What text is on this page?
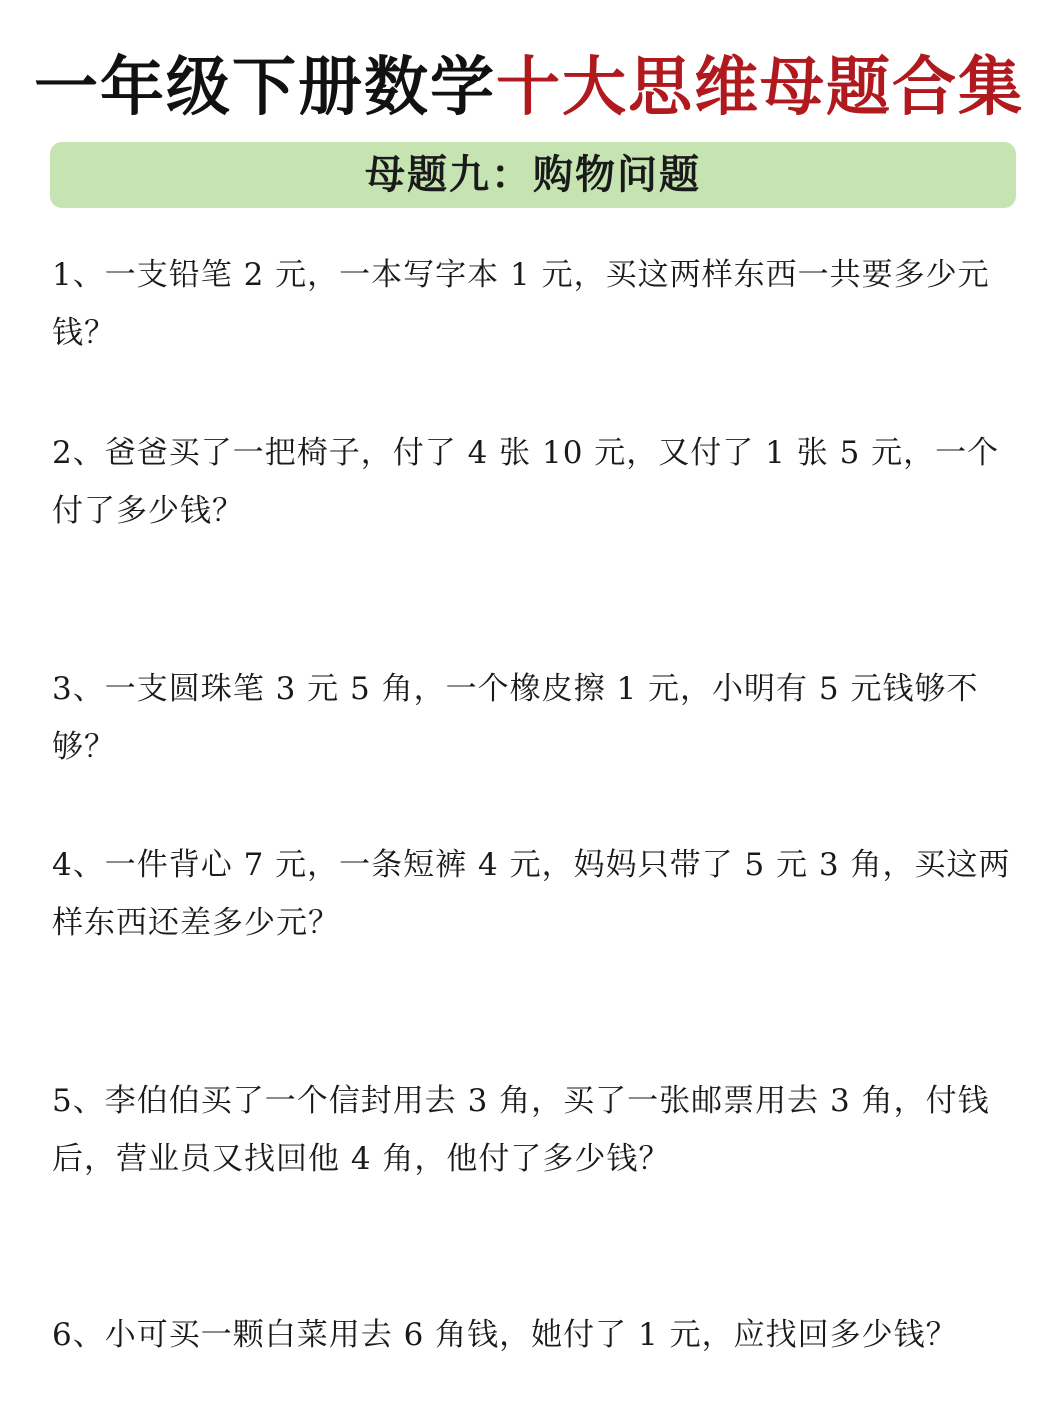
一年级下册数学十大思维母题合集
母题九：购物问题
1、一支铅笔 2 元，一本写字本 1 元，买这两样东西一共要多少元钱？
2、爸爸买了一把椅子，付了 4 张 10 元，又付了 1 张 5 元，一个付了多少钱？
3、一支圆珠笔 3 元 5 角，一个橡皮擦 1 元，小明有 5 元钱够不够？
4、一件背心 7 元，一条短裤 4 元，妈妈只带了 5 元 3 角，买这两样东西还差多少元？
5、李伯伯买了一个信封用去 3 角，买了一张邮票用去 3 角，付钱后，营业员又找回他 4 角，他付了多少钱？
6、小可买一颗白菜用去 6 角钱，她付了 1 元，应找回多少钱？
